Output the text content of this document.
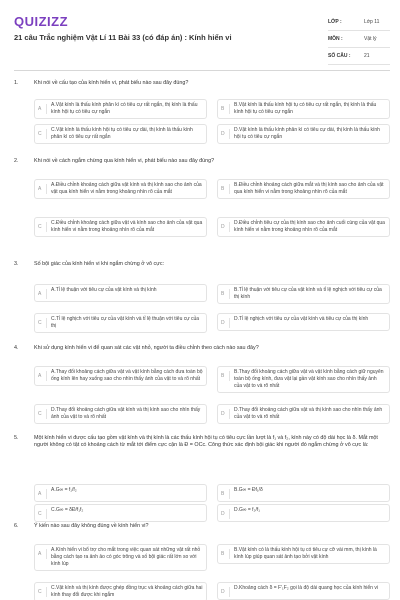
QUIZIZZ
21 câu Trắc nghiệm Vật Lí 11 Bài 33 (có đáp án) : Kính hiển vi
LỚP :	Lớp 11
MÔN :	Vật lý
SỐ CÂU :	21
1.	Khi nói về cấu tạo của kính hiển vi, phát biểu nào sau đây đúng?
A
A.Vật kính là thấu kính phân kì có tiêu cự rất ngắn, thị kính là thấu kính hội tụ có tiêu cự ngắn	B
B.Vật kính là thấu kính hội tụ có tiêu cự rất ngắn, thị kính là thấu kính hội tụ có tiêu cự ngắn
C
C.Vật kính là thấu kính hội tụ có tiêu cự dài, thị kính là thấu kính phân kì có tiêu cự rất ngắn	D
D.Vật kính là thấu kính phân kì có tiêu cự dài, thị kính là thấu kính hội tụ có tiêu cự ngắn
2.	Khi nói về cách ngắm chừng qua kính hiển vi, phát biểu nào sau đây đúng?
A
A.Điều chỉnh khoảng cách giữa vật kính và thị kính sao cho ảnh của vật qua kính hiển vi nằm trong khoảng nhìn rõ của mắt	B
B.Điều chỉnh khoảng cách giữa mắt và thị kính sao cho ảnh của vật qua kính hiển vi nằm trong khoảng nhìn rõ của mắt
C
C.Điều chỉnh khoảng cách giữa vật và kính sao cho ảnh của vật qua kính hiển vi nằm trong khoảng nhìn rõ của mắt	D
D.Điều chỉnh tiêu cự của thị kính sao cho ảnh cuối cùng của vật qua kính hiển vi nằm trong khoảng nhìn rõ của mắt
3.	Số bội giác của kính hiển vi khi ngắm chừng ở vô cực:
A
A.Tỉ lệ thuận với tiêu cự của vật kính và thị kính
B
B.Tỉ lệ thuận với tiêu cự của vật kính và tỉ lệ nghịch với tiêu cự của thị kính
C
C.Tỉ lệ nghịch với tiêu cự của vật kính và tỉ lệ thuận với tiêu cự của thị	D
D.Tỉ lệ nghịch với tiêu cự của vật kính và tiêu cự của thị kính
4.	Khi sử dụng kính hiển vi để quan sát các vật nhỏ, người ta điều chỉnh theo cách nào sau đây?
A
A.Thay đổi khoảng cách giữa vật và vật kính bằng cách đưa toàn bộ ống kính lên hay xuống sao cho nhìn thấy ảnh của vật to và rõ nhất	B
B.Thay đổi khoảng cách giữa vật và vật kính bằng cách giữ nguyên toàn bộ ống kính, đưa vật lại gần vật kính sao cho nhìn thấy ảnh của vật to và rõ nhất
C
D.Thay đổi khoảng cách giữa vật kính và thị kính sao cho nhìn thấy ảnh của vật to và rõ nhất	D
D.Thay đổi khoảng cách giữa vật và thị kính sao cho nhìn thấy ảnh của vật to và rõ nhất
5.	Một kính hiển vi được cấu tạo gồm vật kính và thị kính là các thấu kính hội tụ có tiêu cực lần lượt là f₁ và f₂, kính này có độ dài học là δ. Mắt một người không có tật có khoảng cách từ mắt tới điểm cực cận là Đ = OCc. Công thức xác định bội giác khi người đó ngắm chừng ở vô cực là:
A
A.G∞ = f₁/f₂
B
B.G∞ = Đf₁/δ
C
C.G∞ = δĐ/f₁f₂
D
D.G∞ = f₂/f₁
6.	Ý kiến nào sau đây không đúng về kính hiển vi?
A
A.Kính hiển vi bổ trợ cho mắt trong việc quan sát những vật rất nhỏ bằng cách tạo ra ảnh ảo có góc trông và số bội giác rất lớn so với kính lúp
B
B.Vật kính có là thấu kính hội tụ có tiêu cự cỡ vài mm, thị kính là kính lúp giúp quan sát ảnh tạo bởi vật kính
C
C.Vật kính và thị kính được ghép đồng trục và khoảng cách giữa hai kính thay đổi được khi ngắm	D
D.Khoảng cách δ = F′₁F₂ gọi là độ dài quang học của kính hiển vi
